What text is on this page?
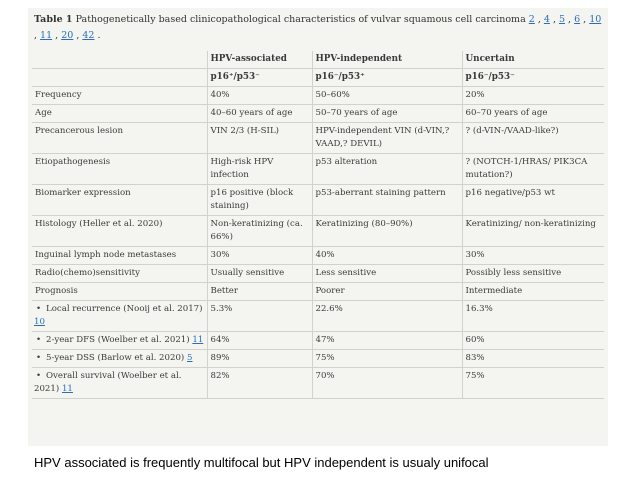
Table 1 Pathogenetically based clinicopathological characteristics of vulvar squamous cell carcinoma 2 , 4 , 5 , 6 , 10 , 11 , 20 , 42 .
	HPV-associated	HPV-independent	Uncertain
	p16⁺/p53⁻	p16⁻/p53⁺	p16⁻/p53⁻
Frequency	40%	50–60%	20%
Age	40–60 years of age	50–70 years of age	60–70 years of age
Precancerous lesion	VIN 2/3 (H-SIL)	HPV-independent VIN (d-VIN,? VAAD,? DEVIL)	? (d-VIN-/VAAD-like?)
Etiopathogenesis	High-risk HPV infection	p53 alteration	? (NOTCH-1/HRAS/ PIK3CA mutation?)
Biomarker expression	p16 positive (block staining)	p53-aberrant staining pattern	p16 negative/p53 wt
Histology (Heller et al. 2020)	Non-keratinizing (ca. 66%)	Keratinizing (80–90%)	Keratinizing/ non-keratinizing
Inguinal lymph node metastases	30%	40%	30%
Radio(chemo)sensitivity	Usually sensitive	Less sensitive	Possibly less sensitive
Prognosis	Better	Poorer	Intermediate
• Local recurrence (Nooij et al. 2017) 10	5.3%	22.6%	16.3%
• 2-year DFS (Woelber et al. 2021) 11	64%	47%	60%
• 5-year DSS (Barlow et al. 2020) 5	89%	75%	83%
• Overall survival (Woelber et al. 2021) 11	82%	70%	75%
HPV associated is frequently multifocal but HPV independent is usualy unifocal
